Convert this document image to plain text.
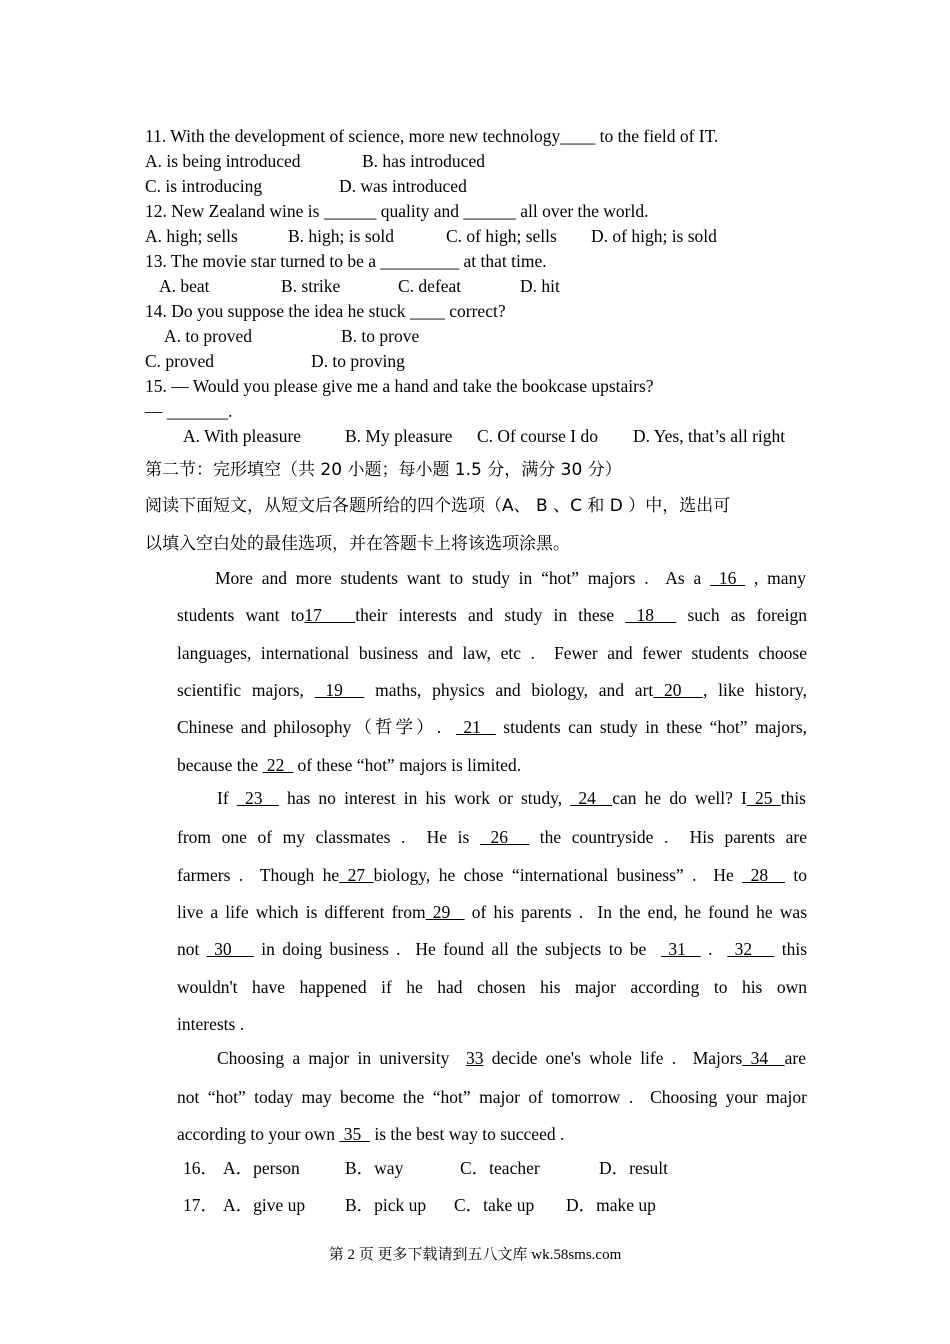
11. With the development of science, more new technology____ to the field of IT.
A. is being introduced	B. has introduced
C. is introducing	D. was introduced
12. New Zealand wine is ______ quality and ______ all over the world.
A. high; sells	B. high; is sold	C. of high; sells D. of high; is sold
13. The movie star turned to be a _________ at that time.
A. beat	B. strike	C. defeat	D. hit
14. Do you suppose the idea he stuck ____ correct?
A. to proved	B. to prove
C. proved	D. to proving
15. — Would you please give me a hand and take the bookcase upstairs?
— _______.
A. With pleasure	B. My pleasure C. Of course I do D. Yes, that’s all right
第二节：完形填空（共 20 小题；每小题 1.5 分，满分 30 分）
阅读下面短文，从短文后各题所给的四个选项（A、 B 、C 和 D ）中，选出可
以填入空白处的最佳选项，并在答题卡上将该选项涂黑。
More and more students want to study in “hot” majors .  As a  16  , many
students want to17   their interests and study in these  18   such as foreign
languages, international business and law, etc .  Fewer and fewer students choose
scientific majors,  19   maths, physics and biology, and art 20  , like history,
Chinese and philosophy（哲学）.   21   students can study in these “hot” majors,
because the  22   of these “hot” majors is limited.
If  23   has no interest in his work or study,  24  can he do well? I 25 this
from one of my classmates .  He is  26   the countryside .  His parents are
farmers .  Though he 27 biology, he chose “international business” .  He  28   to
live a life which is different from 29   of his parents .  In the end, he found he was
not  30    in doing business .  He found all the subjects to be   31   .   32    this
wouldn't have happened if he had chosen his major according to his own
interests .
Choosing a major in university  33 decide one's whole life .  Majors 34  are
not “hot” today may become the “hot” major of tomorrow .  Choosing your major
according to your own  35   is the best way to succeed .
16． A．person	B．way	C．teacher	D．result
17． A．give up B．pick up C．take up D．make up
第 2 页 更多下载请到五八文库 wk.58sms.com
